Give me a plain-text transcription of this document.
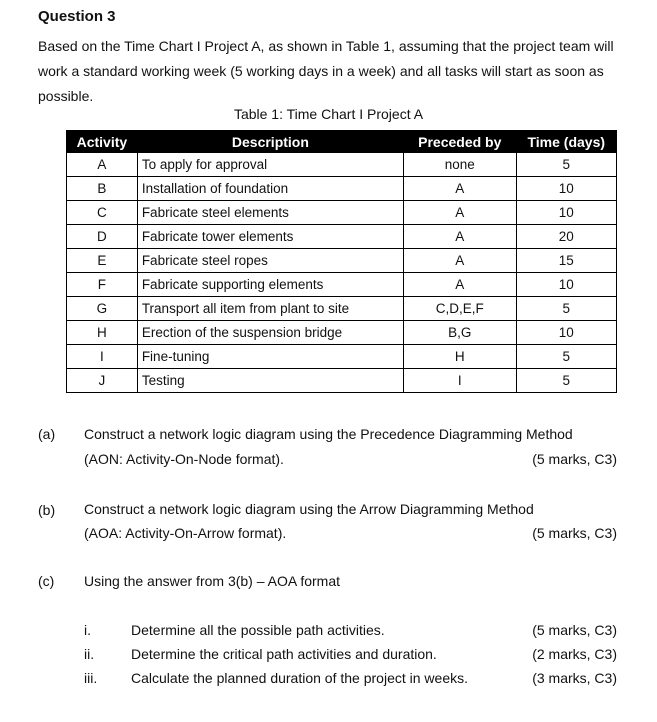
Question 3
Based on the Time Chart I Project A, as shown in Table 1, assuming that the project team will work a standard working week (5 working days in a week) and all tasks will start as soon as possible.
Table 1: Time Chart I Project A
Activity	Description	Preceded by	Time (days)
A	To apply for approval	none	5
B	Installation of foundation	A	10
C	Fabricate steel elements	A	10
D	Fabricate tower elements	A	20
E	Fabricate steel ropes	A	15
F	Fabricate supporting elements	A	10
G	Transport all item from plant to site	C,D,E,F	5
H	Erection of the suspension bridge	B,G	10
I	Fine-tuning	H	5
J	Testing	I	5
(a) Construct a network logic diagram using the Precedence Diagramming Method
(AON: Activity-On-Node format).	(5 marks, C3)
(b) Construct a network logic diagram using the Arrow Diagramming Method
(AOA: Activity-On-Arrow format).	(5 marks, C3)
(c) Using the answer from 3(b) – AOA format
i.	Determine all the possible path activities.	(5 marks, C3)
ii.	Determine the critical path activities and duration.	(2 marks, C3)
iii. Calculate the planned duration of the project in weeks.	(3 marks, C3)
